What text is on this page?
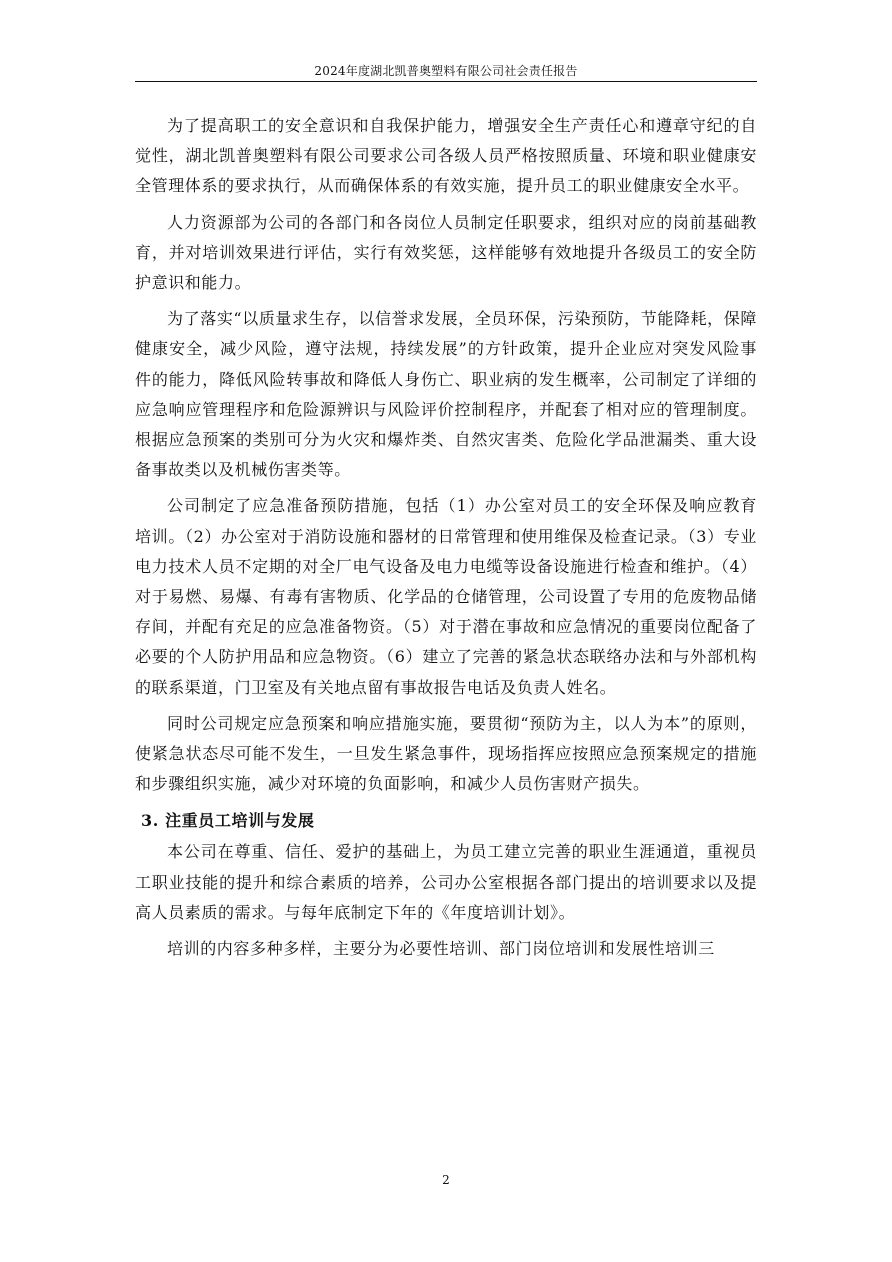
2024年度湖北凯普奥塑料有限公司社会责任报告

为了提高职工的安全意识和自我保护能力，增强安全生产责任心和遵章守纪的自觉性，湖北凯普奥塑料有限公司要求公司各级人员严格按照质量、环境和职业健康安全管理体系的要求执行，从而确保体系的有效实施，提升员工的职业健康安全水平。

人力资源部为公司的各部门和各岗位人员制定任职要求，组织对应的岗前基础教育，并对培训效果进行评估，实行有效奖惩，这样能够有效地提升各级员工的安全防护意识和能力。

为了落实“以质量求生存，以信誉求发展，全员环保，污染预防，节能降耗，保障健康安全，减少风险，遵守法规，持续发展”的方针政策，提升企业应对突发风险事件的能力，降低风险转事故和降低人身伤亡、职业病的发生概率，公司制定了详细的应急响应管理程序和危险源辨识与风险评价控制程序，并配套了相对应的管理制度。根据应急预案的类别可分为火灾和爆炸类、自然灾害类、危险化学品泄漏类、重大设备事故类以及机械伤害类等。

公司制定了应急准备预防措施，包括（1）办公室对员工的安全环保及响应教育培训。（2）办公室对于消防设施和器材的日常管理和使用维保及检查记录。（3）专业电力技术人员不定期的对全厂电气设备及电力电缆等设备设施进行检查和维护。（4）对于易燃、易爆、有毒有害物质、化学品的仓储管理，公司设置了专用的危废物品储存间，并配有充足的应急准备物资。（5）对于潜在事故和应急情况的重要岗位配备了必要的个人防护用品和应急物资。（6）建立了完善的紧急状态联络办法和与外部机构的联系渠道，门卫室及有关地点留有事故报告电话及负责人姓名。

同时公司规定应急预案和响应措施实施，要贯彻“预防为主，以人为本”的原则，使紧急状态尽可能不发生，一旦发生紧急事件，现场指挥应按照应急预案规定的措施和步骤组织实施，减少对环境的负面影响，和减少人员伤害财产损失。

3. 注重员工培训与发展

本公司在尊重、信任、爱护的基础上，为员工建立完善的职业生涯通道，重视员工职业技能的提升和综合素质的培养，公司办公室根据各部门提出的培训要求以及提高人员素质的需求。与每年底制定下年的《年度培训计划》。

培训的内容多种多样，主要分为必要性培训、部门岗位培训和发展性培训三

2
